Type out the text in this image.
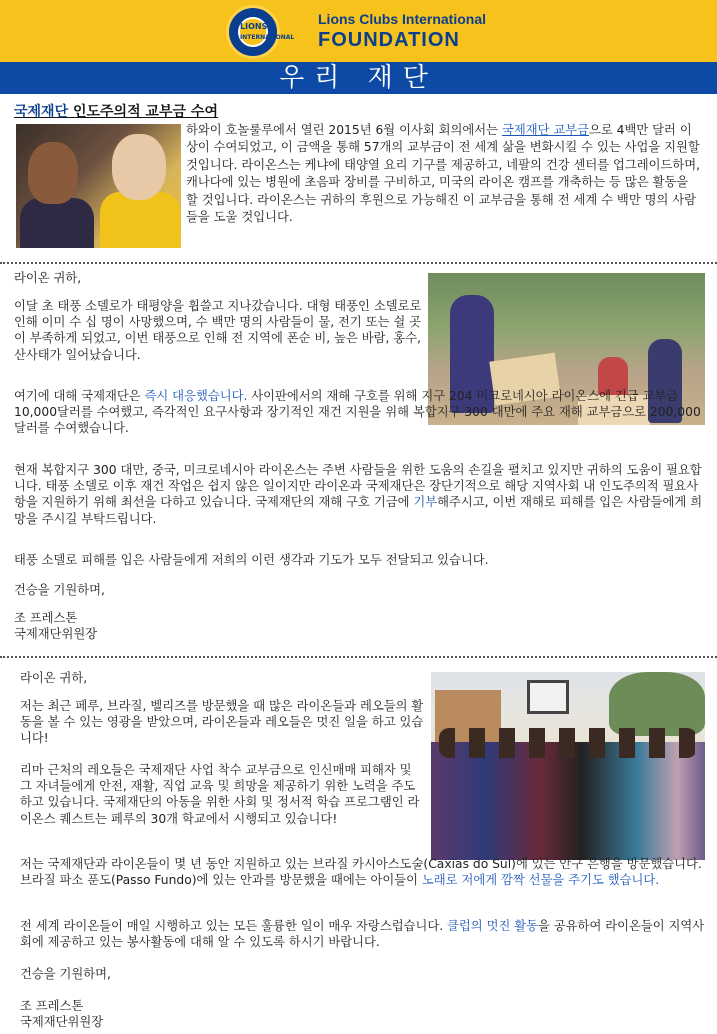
LIONS
INTERNATIONAL
Lions Clubs International
FOUNDATION
우리 재단
국제재단 인도주의적 교부금 수여
하와이 호놀룰루에서 열린 2015년 6월 이사회 회의에서는 국제재단 교부금으로 4백만 달러 이상이 수여되었고, 이 금액을 통해 57개의 교부금이 전 세계 삶을 변화시킬 수 있는 사업을 지원할 것입니다. 라이온스는 케냐에 태양열 요리 기구를 제공하고, 네팔의 건강 센터를 업그레이드하며, 캐나다에 있는 병원에 초음파 장비를 구비하고, 미국의 라이온 캠프를 개축하는 등 많은 활동을 할 것입니다. 라이온스는 귀하의 후원으로 가능해진 이 교부금을 통해 전 세계 수 백만 명의 사람들을 도울 것입니다.
라이온 귀하,
이달 초 태풍 소델로가 태평양을 휩쓸고 지나갔습니다. 대형 태풍인 소델로로 인해 이미 수 십 명이 사망했으며, 수 백만 명의 사람들이 물, 전기 또는 쉴 곳이 부족하게 되었고, 이번 태풍으로 인해 전 지역에 폰순 비, 높은 바람, 홍수, 산사태가 일어났습니다.
여기에 대해 국제재단은 즉시 대응했습니다. 사이판에서의 재해 구호를 위해 지구 204 미크로네시아 라이온스에 긴급 교부금 10,000달러를 수여했고, 즉각적인 요구사항과 장기적인 재건 지원을 위해 복합지구 300 대만에 주요 재해 교부금으로 200,000달러를 수여했습니다.
현재 복합지구 300 대만, 중국, 미크로네시아 라이온스는 주변 사람들을 위한 도움의 손길을 펼치고 있지만 귀하의 도움이 필요합니다. 태풍 소델로 이후 재건 작업은 쉽지 않은 일이지만 라이온과 국제재단은 장단기적으로 해당 지역사회 내 인도주의적 필요사항을 지원하기 위해 최선을 다하고 있습니다. 국제재단의 재해 구호 기금에 기부해주시고, 이번 재해로 피해를 입은 사람들에게 희망을 주시길 부탁드립니다.
태풍 소델로 피해를 입은 사람들에게 저희의 이런 생각과 기도가 모두 전달되고 있습니다.
건승을 기원하며,
조 프레스톤
국제재단위원장
라이온 귀하,
저는 최근 페루, 브라질, 벨리즈를 방문했을 때 많은 라이온들과 레오들의 활동을 볼 수 있는 영광을 받았으며, 라이온들과 레오들은 멋진 일을 하고 있습니다!
리마 근처의 레오들은 국제재단 사업 착수 교부금으로 인신매매 피해자 및 그 자녀들에게 안전, 재활, 직업 교육 및 희망을 제공하기 위한 노력을 주도하고 있습니다. 국제재단의 아동을 위한 사회 및 정서적 학습 프로그램인 라이온스 퀘스트는 페루의 30개 학교에서 시행되고 있습니다!
저는 국제재단과 라이온들이 몇 년 동안 지원하고 있는 브라질 카시아스도술(Caxias do Sul)에 있는 안구 은행을 방문했습니다. 브라질 파소 푼도(Passo Fundo)에 있는 안과를 방문했을 때에는 아이들이 노래로 저에게 깜짝 선물을 주기도 했습니다.
전 세계 라이온들이 매일 시행하고 있는 모든 훌륭한 일이 매우 자랑스럽습니다. 클럽의 멋진 활동을 공유하여 라이온들이 지역사회에 제공하고 있는 봉사활동에 대해 알 수 있도록 하시기 바랍니다.
건승을 기원하며,
조 프레스톤
국제재단위원장
